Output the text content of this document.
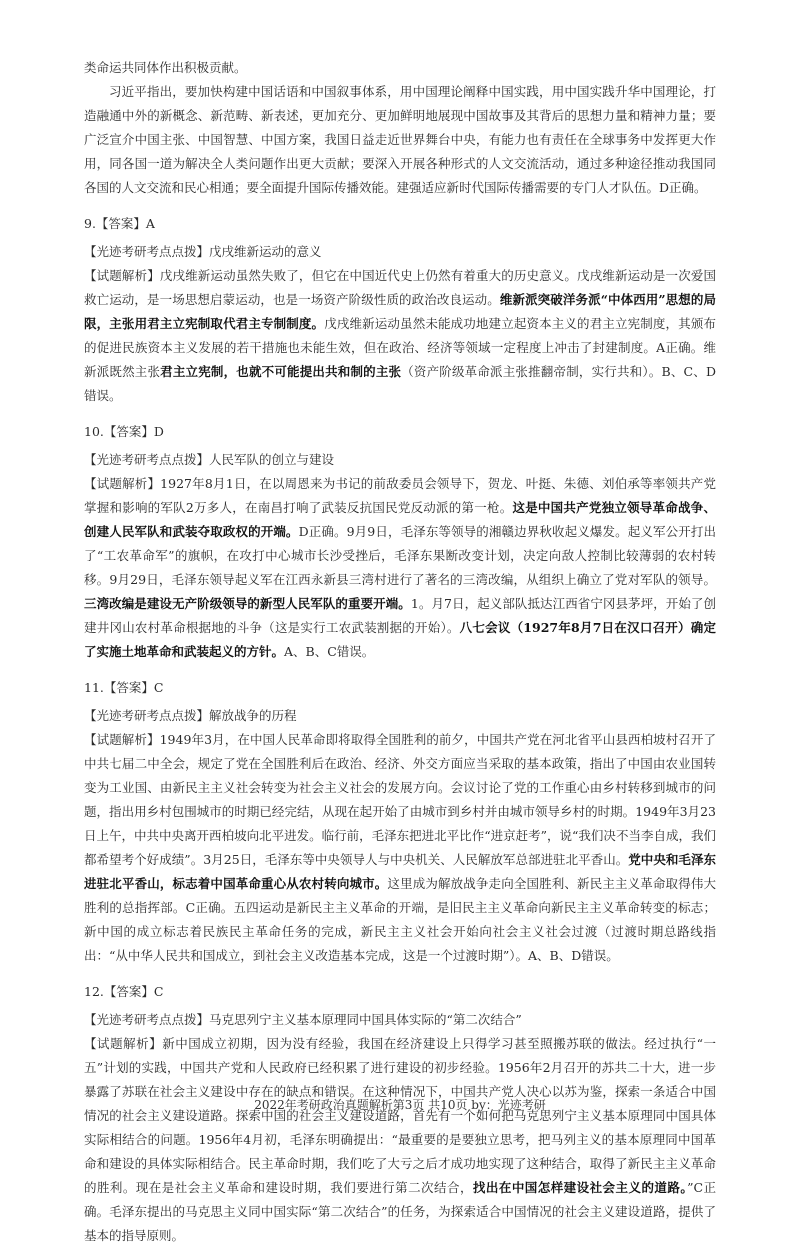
类命运共同体作出积极贡献。

习近平指出，要加快构建中国话语和中国叙事体系，用中国理论阐释中国实践，用中国实践升华中国理论，打造融通中外的新概念、新范畴、新表述，更加充分、更加鲜明地展现中国故事及其背后的思想力量和精神力量；要广泛宣介中国主张、中国智慧、中国方案，我国日益走近世界舞台中央，有能力也有责任在全球事务中发挥更大作用，同各国一道为解决全人类问题作出更大贡献；要深入开展各种形式的人文交流活动，通过多种途径推动我国同各国的人文交流和民心相通；要全面提升国际传播效能。建强适应新时代国际传播需要的专门人才队伍。D正确。

9.【答案】A

【光迹考研考点点拨】戊戌维新运动的意义

【试题解析】戊戌维新运动虽然失败了，但它在中国近代史上仍然有着重大的历史意义。戊戌维新运动是一次爱国救亡运动，是一场思想启蒙运动，也是一场资产阶级性质的政治改良运动。维新派突破洋务派“中体西用”思想的局限，主张用君主立宪制取代君主专制制度。戊戌维新运动虽然未能成功地建立起资本主义的君主立宪制度，其颁布的促进民族资本主义发展的若干措施也未能生效，但在政治、经济等领域一定程度上冲击了封建制度。A正确。维新派既然主张君主立宪制，也就不可能提出共和制的主张（资产阶级革命派主张推翻帝制，实行共和）。B、C、D错误。

10.【答案】D

【光迹考研考点点拨】人民军队的创立与建设

【试题解析】1927年8月1日，在以周恩来为书记的前敌委员会领导下，贺龙、叶挺、朱德、刘伯承等率领共产党掌握和影响的军队2万多人，在南昌打响了武装反抗国民党反动派的第一枪。这是中国共产党独立领导革命战争、创建人民军队和武装夺取政权的开端。D正确。9月9日，毛泽东等领导的湘赣边界秋收起义爆发。起义军公开打出了“工农革命军”的旗帜，在攻打中心城市长沙受挫后，毛泽东果断改变计划，决定向敌人控制比较薄弱的农村转移。9月29日，毛泽东领导起义军在江西永新县三湾村进行了著名的三湾改编，从组织上确立了党对军队的领导。三湾改编是建设无产阶级领导的新型人民军队的重要开端。1。月7日，起义部队抵达江西省宁冈县茅坪，开始了创建井冈山农村革命根据地的斗争（这是实行工农武装割据的开始）。八七会议（1927年8月7日在汉口召开）确定了实施土地革命和武装起义的方针。A、B、C错误。

11.【答案】C

【光迹考研考点点拨】解放战争的历程

【试题解析】1949年3月，在中国人民革命即将取得全国胜利的前夕，中国共产党在河北省平山县西柏坡村召开了中共七届二中全会，规定了党在全国胜利后在政治、经济、外交方面应当采取的基本政策，指出了中国由农业国转变为工业国、由新民主主义社会转变为社会主义社会的发展方向。会议讨论了党的工作重心由乡村转移到城市的问题，指出用乡村包围城市的时期已经完结，从现在起开始了由城市到乡村并由城市领导乡村的时期。1949年3月23日上午，中共中央离开西柏坡向北平进发。临行前，毛泽东把进北平比作“进京赶考”，说“我们决不当李自成，我们都希望考个好成绩”。3月25日，毛泽东等中央领导人与中央机关、人民解放军总部进驻北平香山。党中央和毛泽东进驻北平香山，标志着中国革命重心从农村转向城市。这里成为解放战争走向全国胜利、新民主主义革命取得伟大胜利的总指挥部。C正确。五四运动是新民主主义革命的开端，是旧民主主义革命向新民主主义革命转变的标志；新中国的成立标志着民族民主革命任务的完成，新民主主义社会开始向社会主义社会过渡（过渡时期总路线指出：“从中华人民共和国成立，到社会主义改造基本完成，这是一个过渡时期”）。A、B、D错误。

12.【答案】C

【光迹考研考点点拨】马克思列宁主义基本原理同中国具体实际的“第二次结合”

【试题解析】新中国成立初期，因为没有经验，我国在经济建设上只得学习甚至照搬苏联的做法。经过执行“一五”计划的实践，中国共产党和人民政府已经积累了进行建设的初步经验。1956年2月召开的苏共二十大，进一步暴露了苏联在社会主义建设中存在的缺点和错误。在这种情况下，中国共产党人决心以苏为鉴，探索一条适合中国情况的社会主义建设道路。探索中国的社会主义建设道路，首先有一个如何把马克思列宁主义基本原理同中国具体实际相结合的问题。1956年4月初，毛泽东明确提出：“最重要的是要独立思考，把马列主义的基本原理同中国革命和建设的具体实际相结合。民主革命时期，我们吃了大亏之后才成功地实现了这种结合，取得了新民主主义革命的胜利。现在是社会主义革命和建设时期，我们要进行第二次结合，找出在中国怎样建设社会主义的道路。”C正确。毛泽东提出的马克思主义同中国实际“第二次结合”的任务，为探索适合中国情况的社会主义建设道路，提供了基本的指导原则。

2022年考研政治真题解析第3页 共10页 by：光迹考研
